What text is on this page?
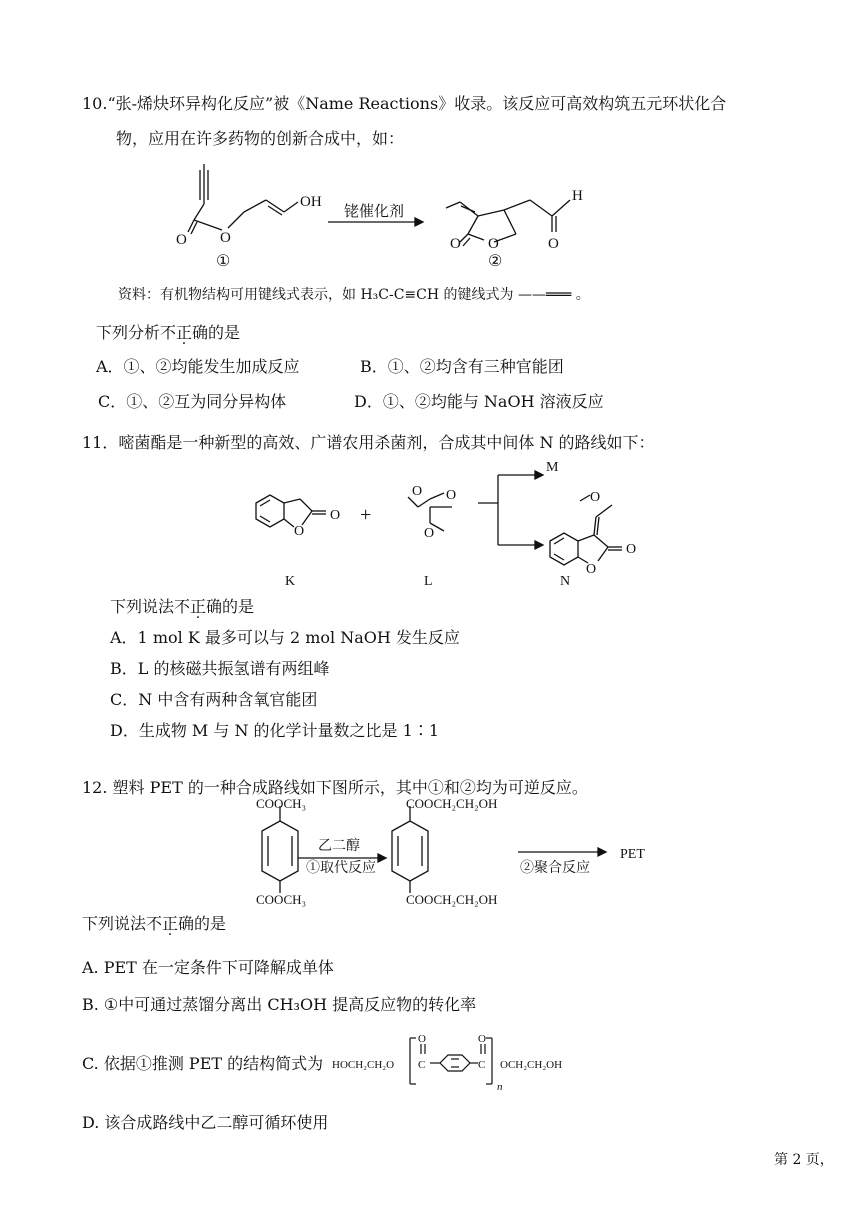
10.“张-烯炔环异构化反应”被《Name Reactions》收录。该反应可高效构筑五元环状化合
物，应用在许多药物的创新合成中，如：
OH
O O
铑催化剂
①	②
H
O O	O
资料：有机物结构可用键线式表示，如 H₃C-C≡CH 的键线式为 ——═══ 。
下列分析不正确的是
A．①、②均能发生加成反应	B．①、②均含有三种官能团
C．①、②互为同分异构体	D．①、②均能与 NaOH 溶液反应
11．嘧菌酯是一种新型的高效、广谱农用杀菌剂，合成其中间体 N 的路线如下：
M
O
O
+
O O
O
O
O
O
K	L	N
下列说法不正确的是
A．1 mol K 最多可以与 2 mol NaOH 发生反应
B．L 的核磁共振氢谱有两组峰
C．N 中含有两种含氧官能团
D．生成物 M 与 N 的化学计量数之比是 1∶1
12. 塑料 PET 的一种合成路线如下图所示，其中①和②均为可逆反应。
COOCH₃
COOCH₃
COOCH₂CH₂OH
COOCH₂CH₂OH
乙二醇
①取代反应	②聚合反应
PET
下列说法不正确的是
A. PET 在一定条件下可降解成单体
B. ①中可通过蒸馏分离出 CH₃OH 提高反应物的转化率
C. 依据①推测 PET 的结构简式为 HOCH₂CH₂O
O
C
O
C
n
OCH₂CH₂OH
D. 该合成路线中乙二醇可循环使用
第 2 页，
